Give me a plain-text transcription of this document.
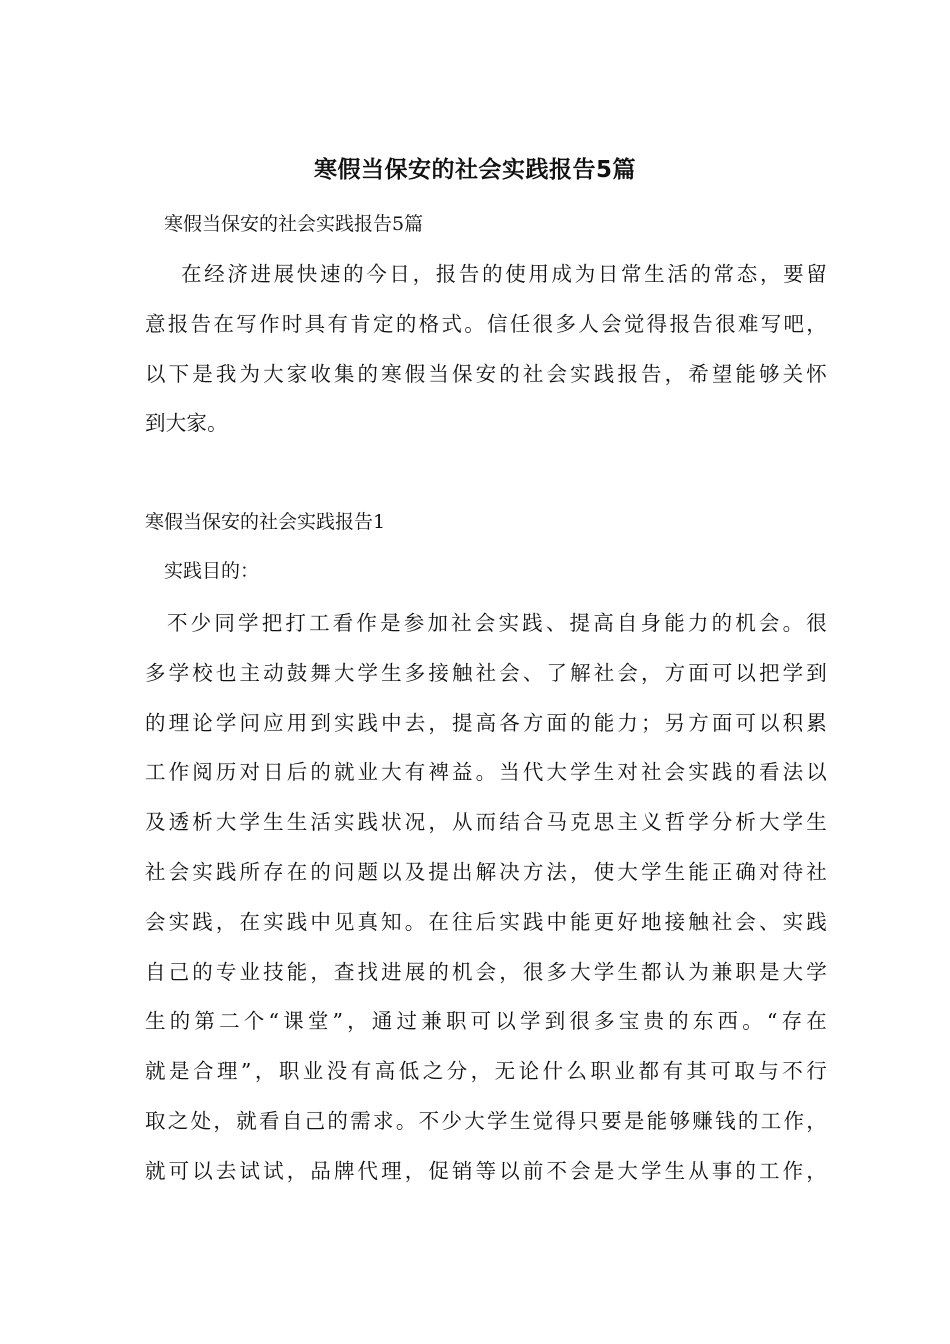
寒假当保安的社会实践报告5篇

寒假当保安的社会实践报告5篇

在经济进展快速的今日，报告的使用成为日常生活的常态，要留
意报告在写作时具有肯定的格式。信任很多人会觉得报告很难写吧，
以下是我为大家收集的寒假当保安的社会实践报告，希望能够关怀
到大家。

寒假当保安的社会实践报告1

实践目的：

不少同学把打工看作是参加社会实践、提高自身能力的机会。很
多学校也主动鼓舞大学生多接触社会、了解社会，方面可以把学到
的理论学问应用到实践中去，提高各方面的能力；另方面可以积累
工作阅历对日后的就业大有裨益。当代大学生对社会实践的看法以
及透析大学生生活实践状况，从而结合马克思主义哲学分析大学生
社会实践所存在的问题以及提出解决方法，使大学生能正确对待社
会实践，在实践中见真知。在往后实践中能更好地接触社会、实践
自己的专业技能，查找进展的机会，很多大学生都认为兼职是大学
生的第二个“课堂”，通过兼职可以学到很多宝贵的东西。“存在
就是合理”，职业没有高低之分，无论什么职业都有其可取与不行
取之处，就看自己的需求。不少大学生觉得只要是能够赚钱的工作，
就可以去试试，品牌代理，促销等以前不会是大学生从事的工作，
